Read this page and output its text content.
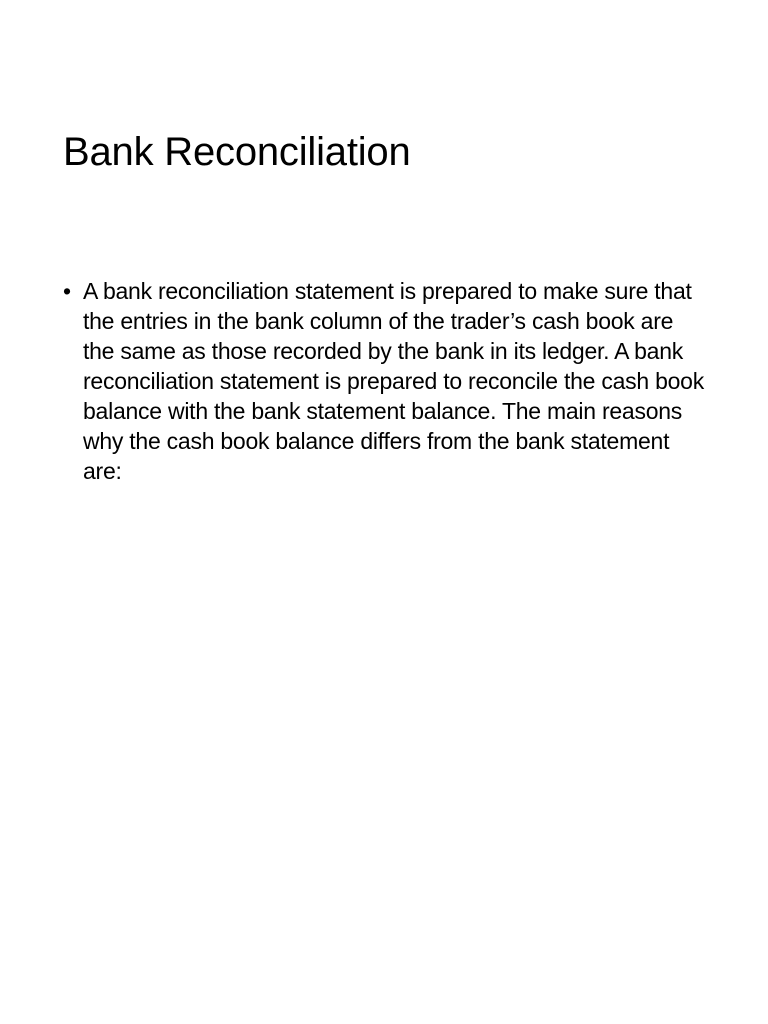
Bank Reconciliation
• A bank reconciliation statement is prepared to make sure that the entries in the bank column of the trader’s cash book are the same as those recorded by the bank in its ledger. A bank reconciliation statement is prepared to reconcile the cash book balance with the bank statement balance. The main reasons why the cash book balance differs from the bank statement are:
